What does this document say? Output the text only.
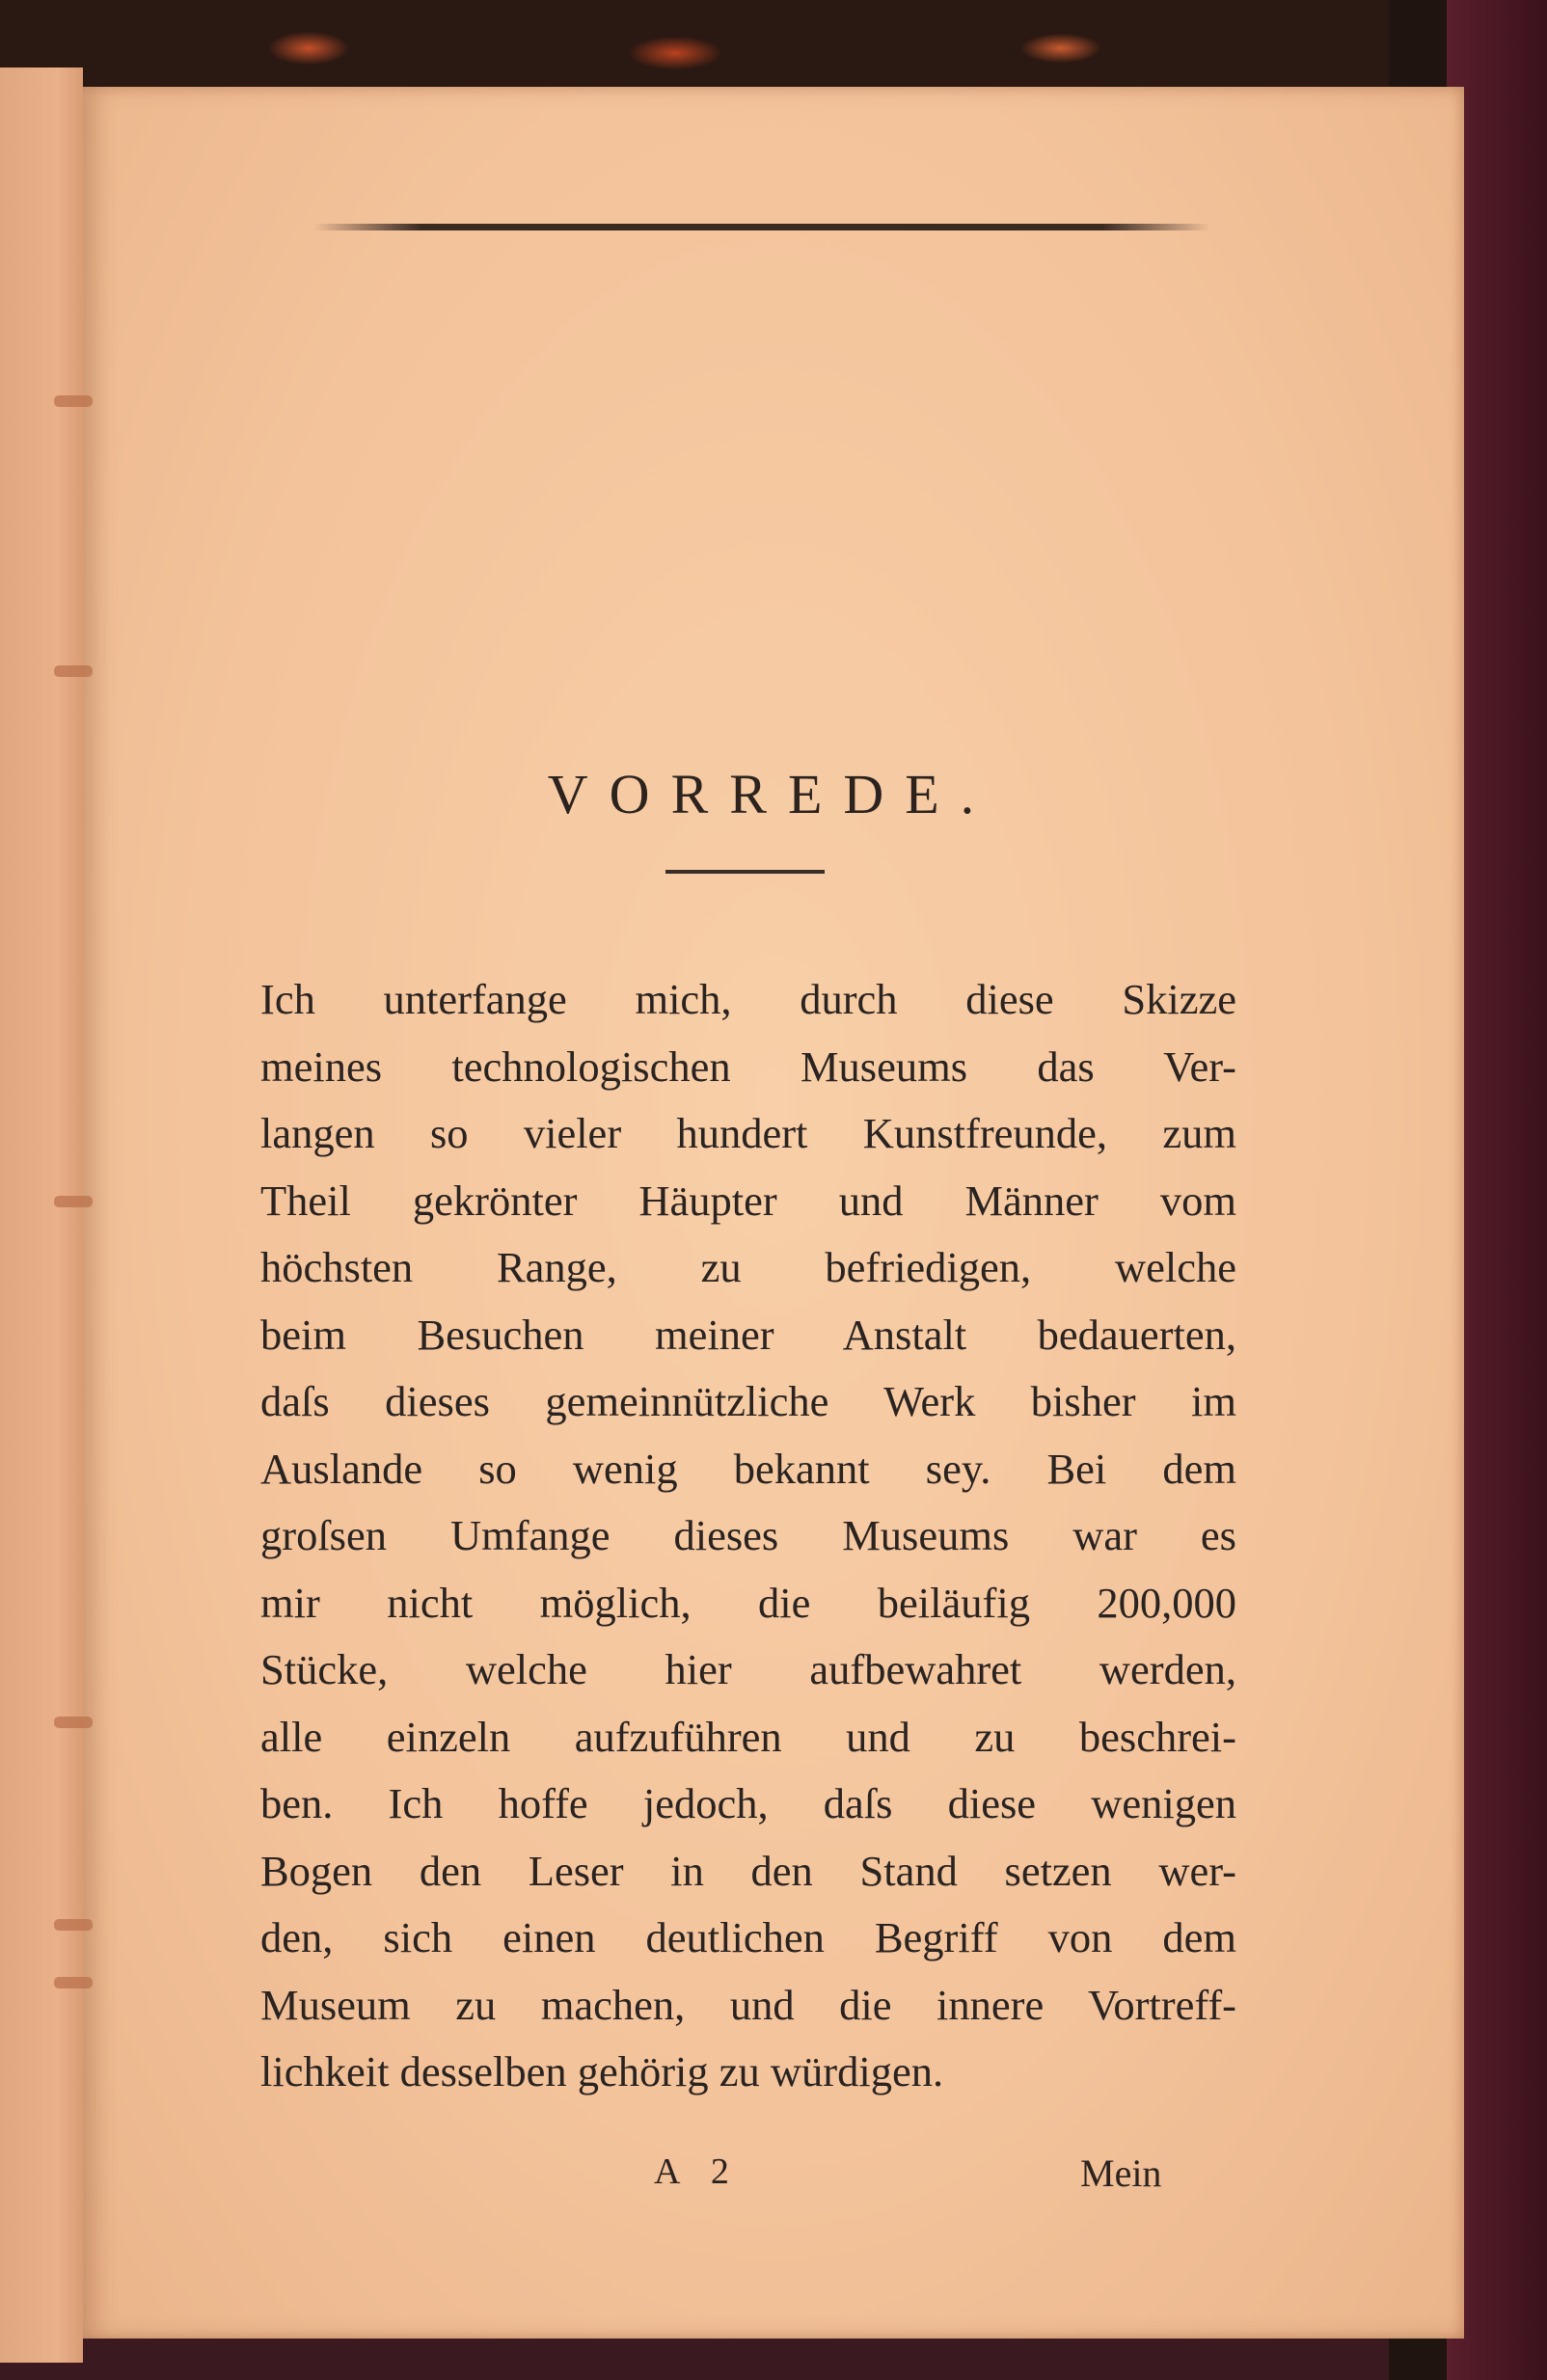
VORREDE.
Ich unterfange mich, durch diese Skizze
meines technologischen Museums das Ver-
langen so vieler hundert Kunstfreunde, zum
Theil gekrönter Häupter und Männer vom
höchsten Range, zu befriedigen, welche
beim Besuchen meiner Anstalt bedauerten,
daſs dieses gemeinnützliche Werk bisher im
Auslande so wenig bekannt sey. Bei dem
groſsen Umfange dieses Museums war es
mir nicht möglich, die beiläufig 200,000
Stücke, welche hier aufbewahret werden,
alle einzeln aufzuführen und zu beschrei-
ben. Ich hoffe jedoch, daſs diese wenigen
Bogen den Leser in den Stand setzen wer-
den, sich einen deutlichen Begriff von dem
Museum zu machen, und die innere Vortreff-
lichkeit desselben gehörig zu würdigen.
A 2	Mein
